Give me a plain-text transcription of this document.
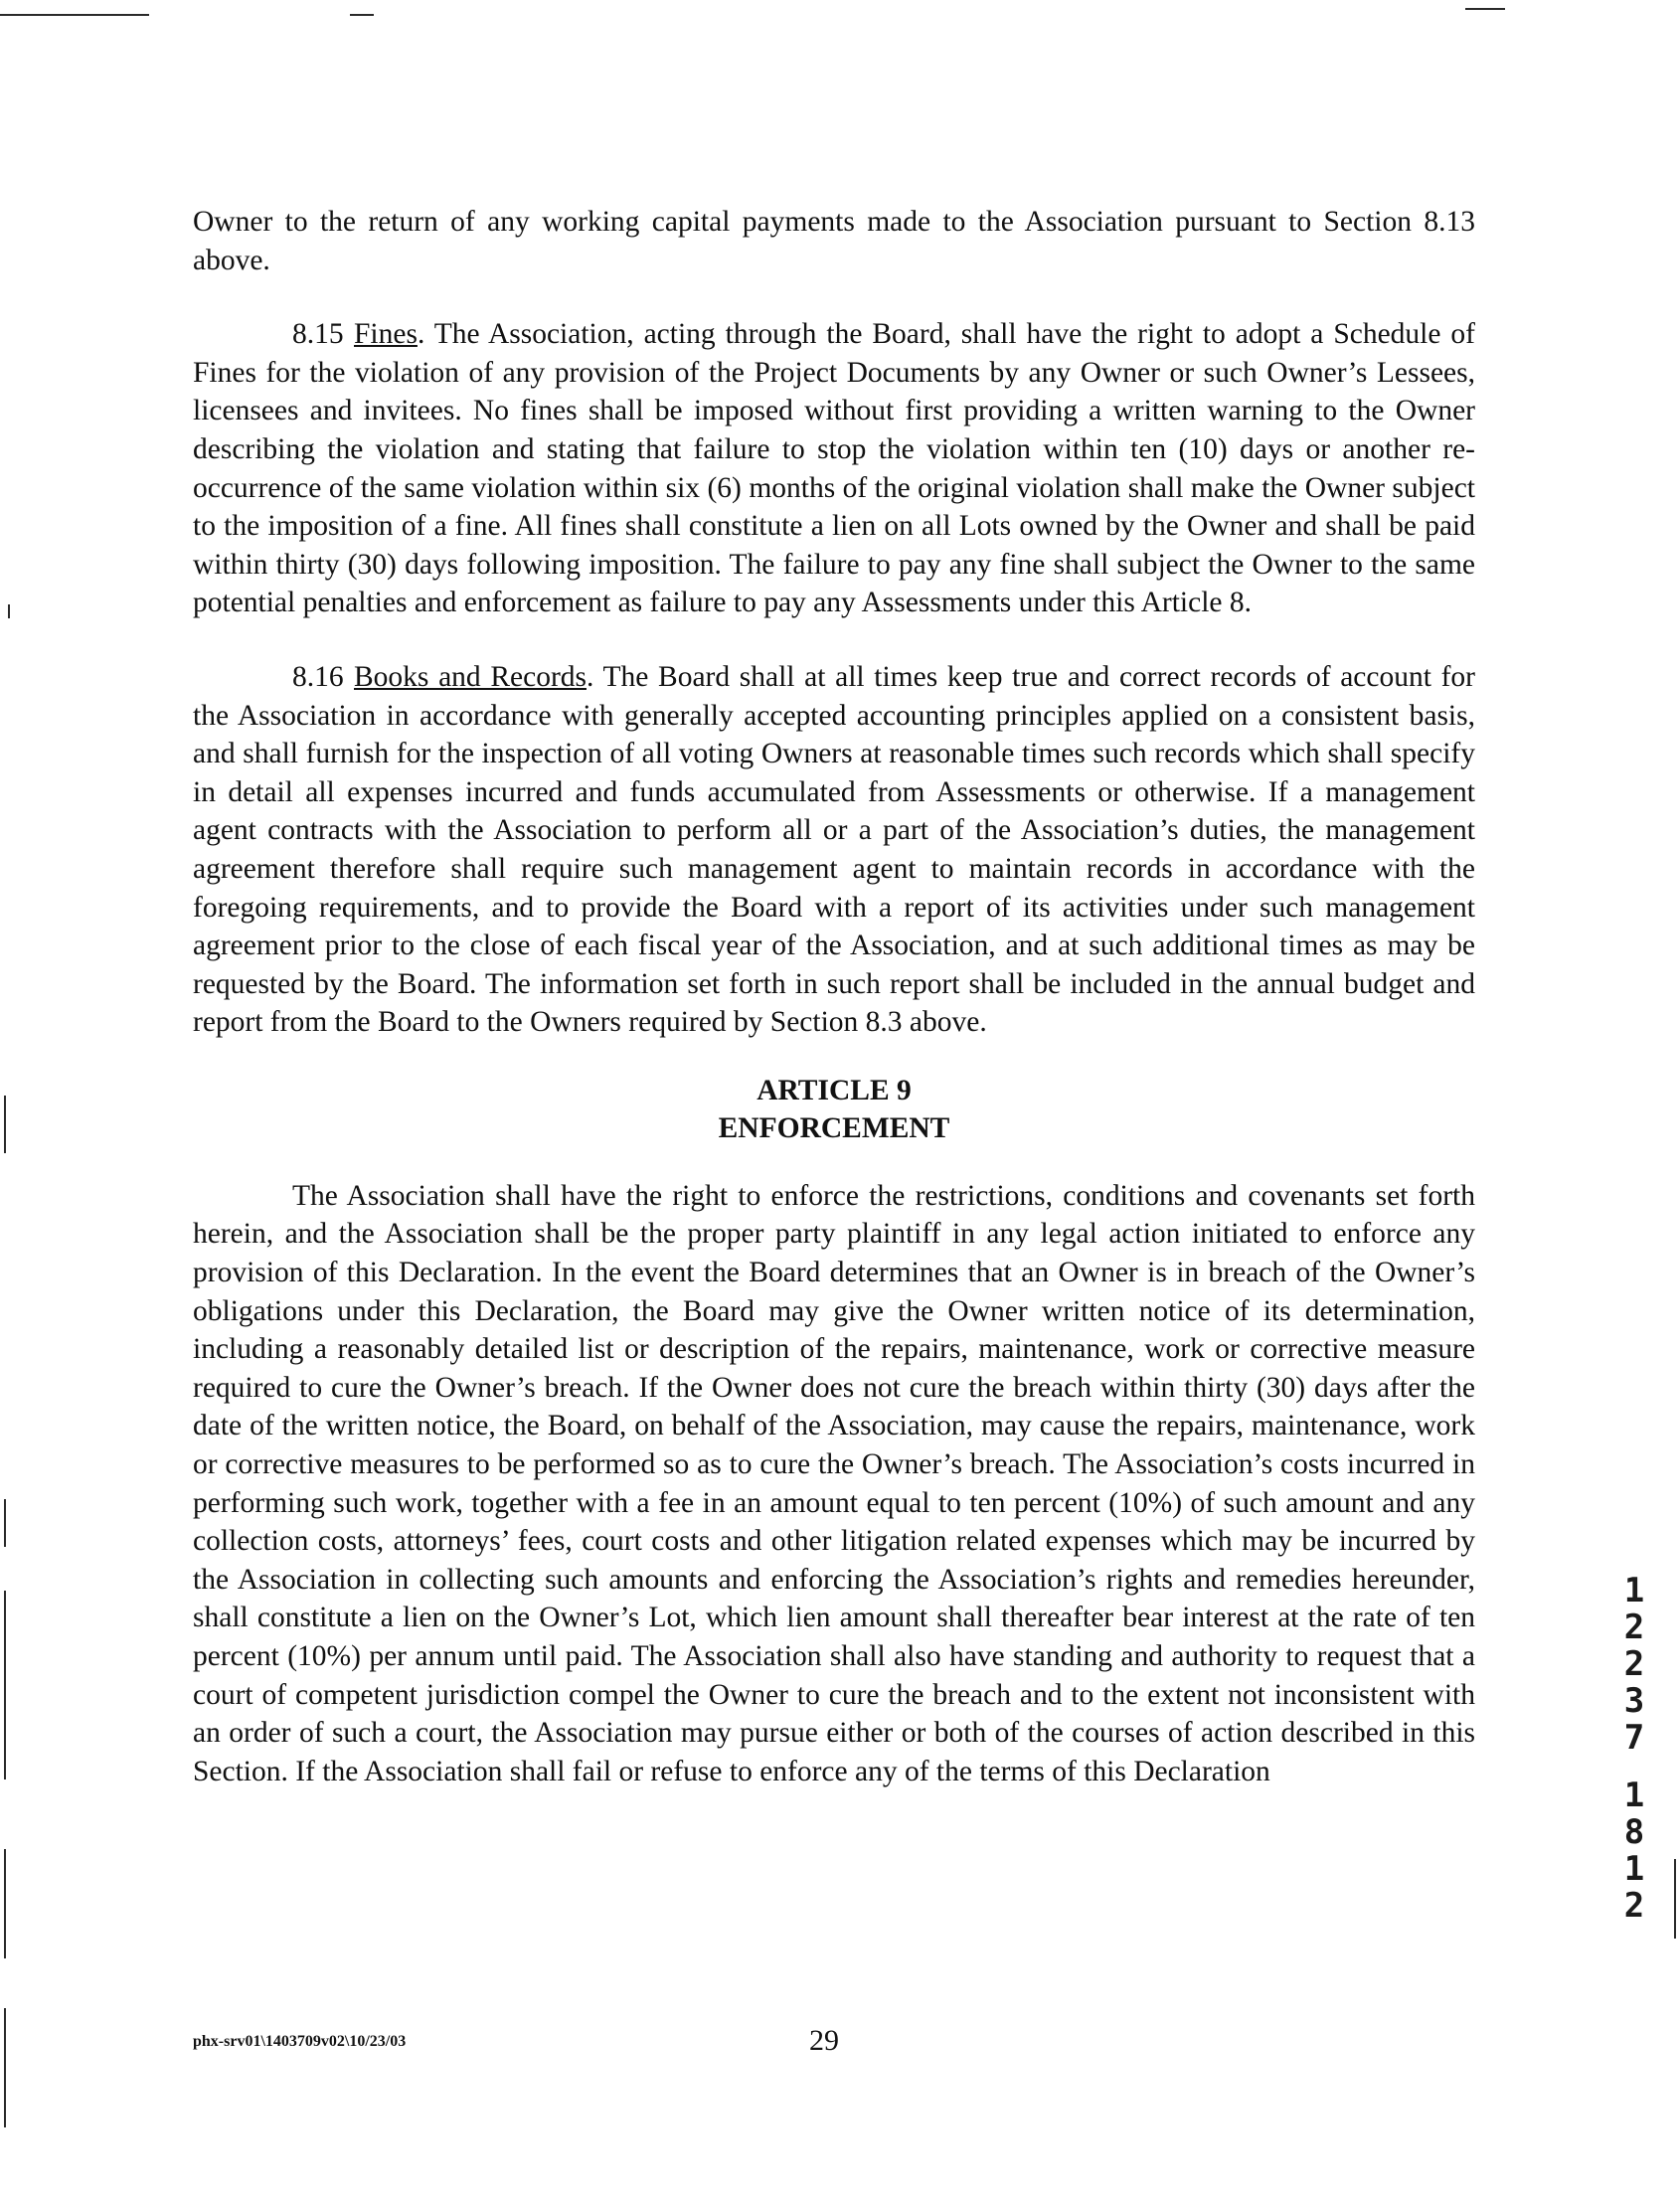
Owner to the return of any working capital payments made to the Association pursuant to Section 8.13 above.

8.15 Fines. The Association, acting through the Board, shall have the right to adopt a Schedule of Fines for the violation of any provision of the Project Documents by any Owner or such Owner’s Lessees, licensees and invitees. No fines shall be imposed without first providing a written warning to the Owner describing the violation and stating that failure to stop the violation within ten (10) days or another re-occurrence of the same violation within six (6) months of the original violation shall make the Owner subject to the imposition of a fine. All fines shall constitute a lien on all Lots owned by the Owner and shall be paid within thirty (30) days following imposition. The failure to pay any fine shall subject the Owner to the same potential penalties and enforcement as failure to pay any Assessments under this Article 8.

8.16 Books and Records. The Board shall at all times keep true and correct records of account for the Association in accordance with generally accepted accounting principles applied on a consistent basis, and shall furnish for the inspection of all voting Owners at reasonable times such records which shall specify in detail all expenses incurred and funds accumulated from Assessments or otherwise. If a management agent contracts with the Association to perform all or a part of the Association’s duties, the management agreement therefore shall require such management agent to maintain records in accordance with the foregoing requirements, and to provide the Board with a report of its activities under such management agreement prior to the close of each fiscal year of the Association, and at such additional times as may be requested by the Board. The information set forth in such report shall be included in the annual budget and report from the Board to the Owners required by Section 8.3 above.

ARTICLE 9
ENFORCEMENT

The Association shall have the right to enforce the restrictions, conditions and covenants set forth herein, and the Association shall be the proper party plaintiff in any legal action initiated to enforce any provision of this Declaration. In the event the Board determines that an Owner is in breach of the Owner’s obligations under this Declaration, the Board may give the Owner written notice of its determination, including a reasonably detailed list or description of the repairs, maintenance, work or corrective measure required to cure the Owner’s breach. If the Owner does not cure the breach within thirty (30) days after the date of the written notice, the Board, on behalf of the Association, may cause the repairs, maintenance, work or corrective measures to be performed so as to cure the Owner’s breach. The Association’s costs incurred in performing such work, together with a fee in an amount equal to ten percent (10%) of such amount and any collection costs, attorneys’ fees, court costs and other litigation related expenses which may be incurred by the Association in collecting such amounts and enforcing the Association’s rights and remedies hereunder, shall constitute a lien on the Owner’s Lot, which lien amount shall thereafter bear interest at the rate of ten percent (10%) per annum until paid. The Association shall also have standing and authority to request that a court of competent jurisdiction compel the Owner to cure the breach and to the extent not inconsistent with an order of such a court, the Association may pursue either or both of the courses of action described in this Section. If the Association shall fail or refuse to enforce any of the terms of this Declaration

phx-srv01\1403709v02\10/23/03	29
1
2
2
3
7
1
8
1
2
